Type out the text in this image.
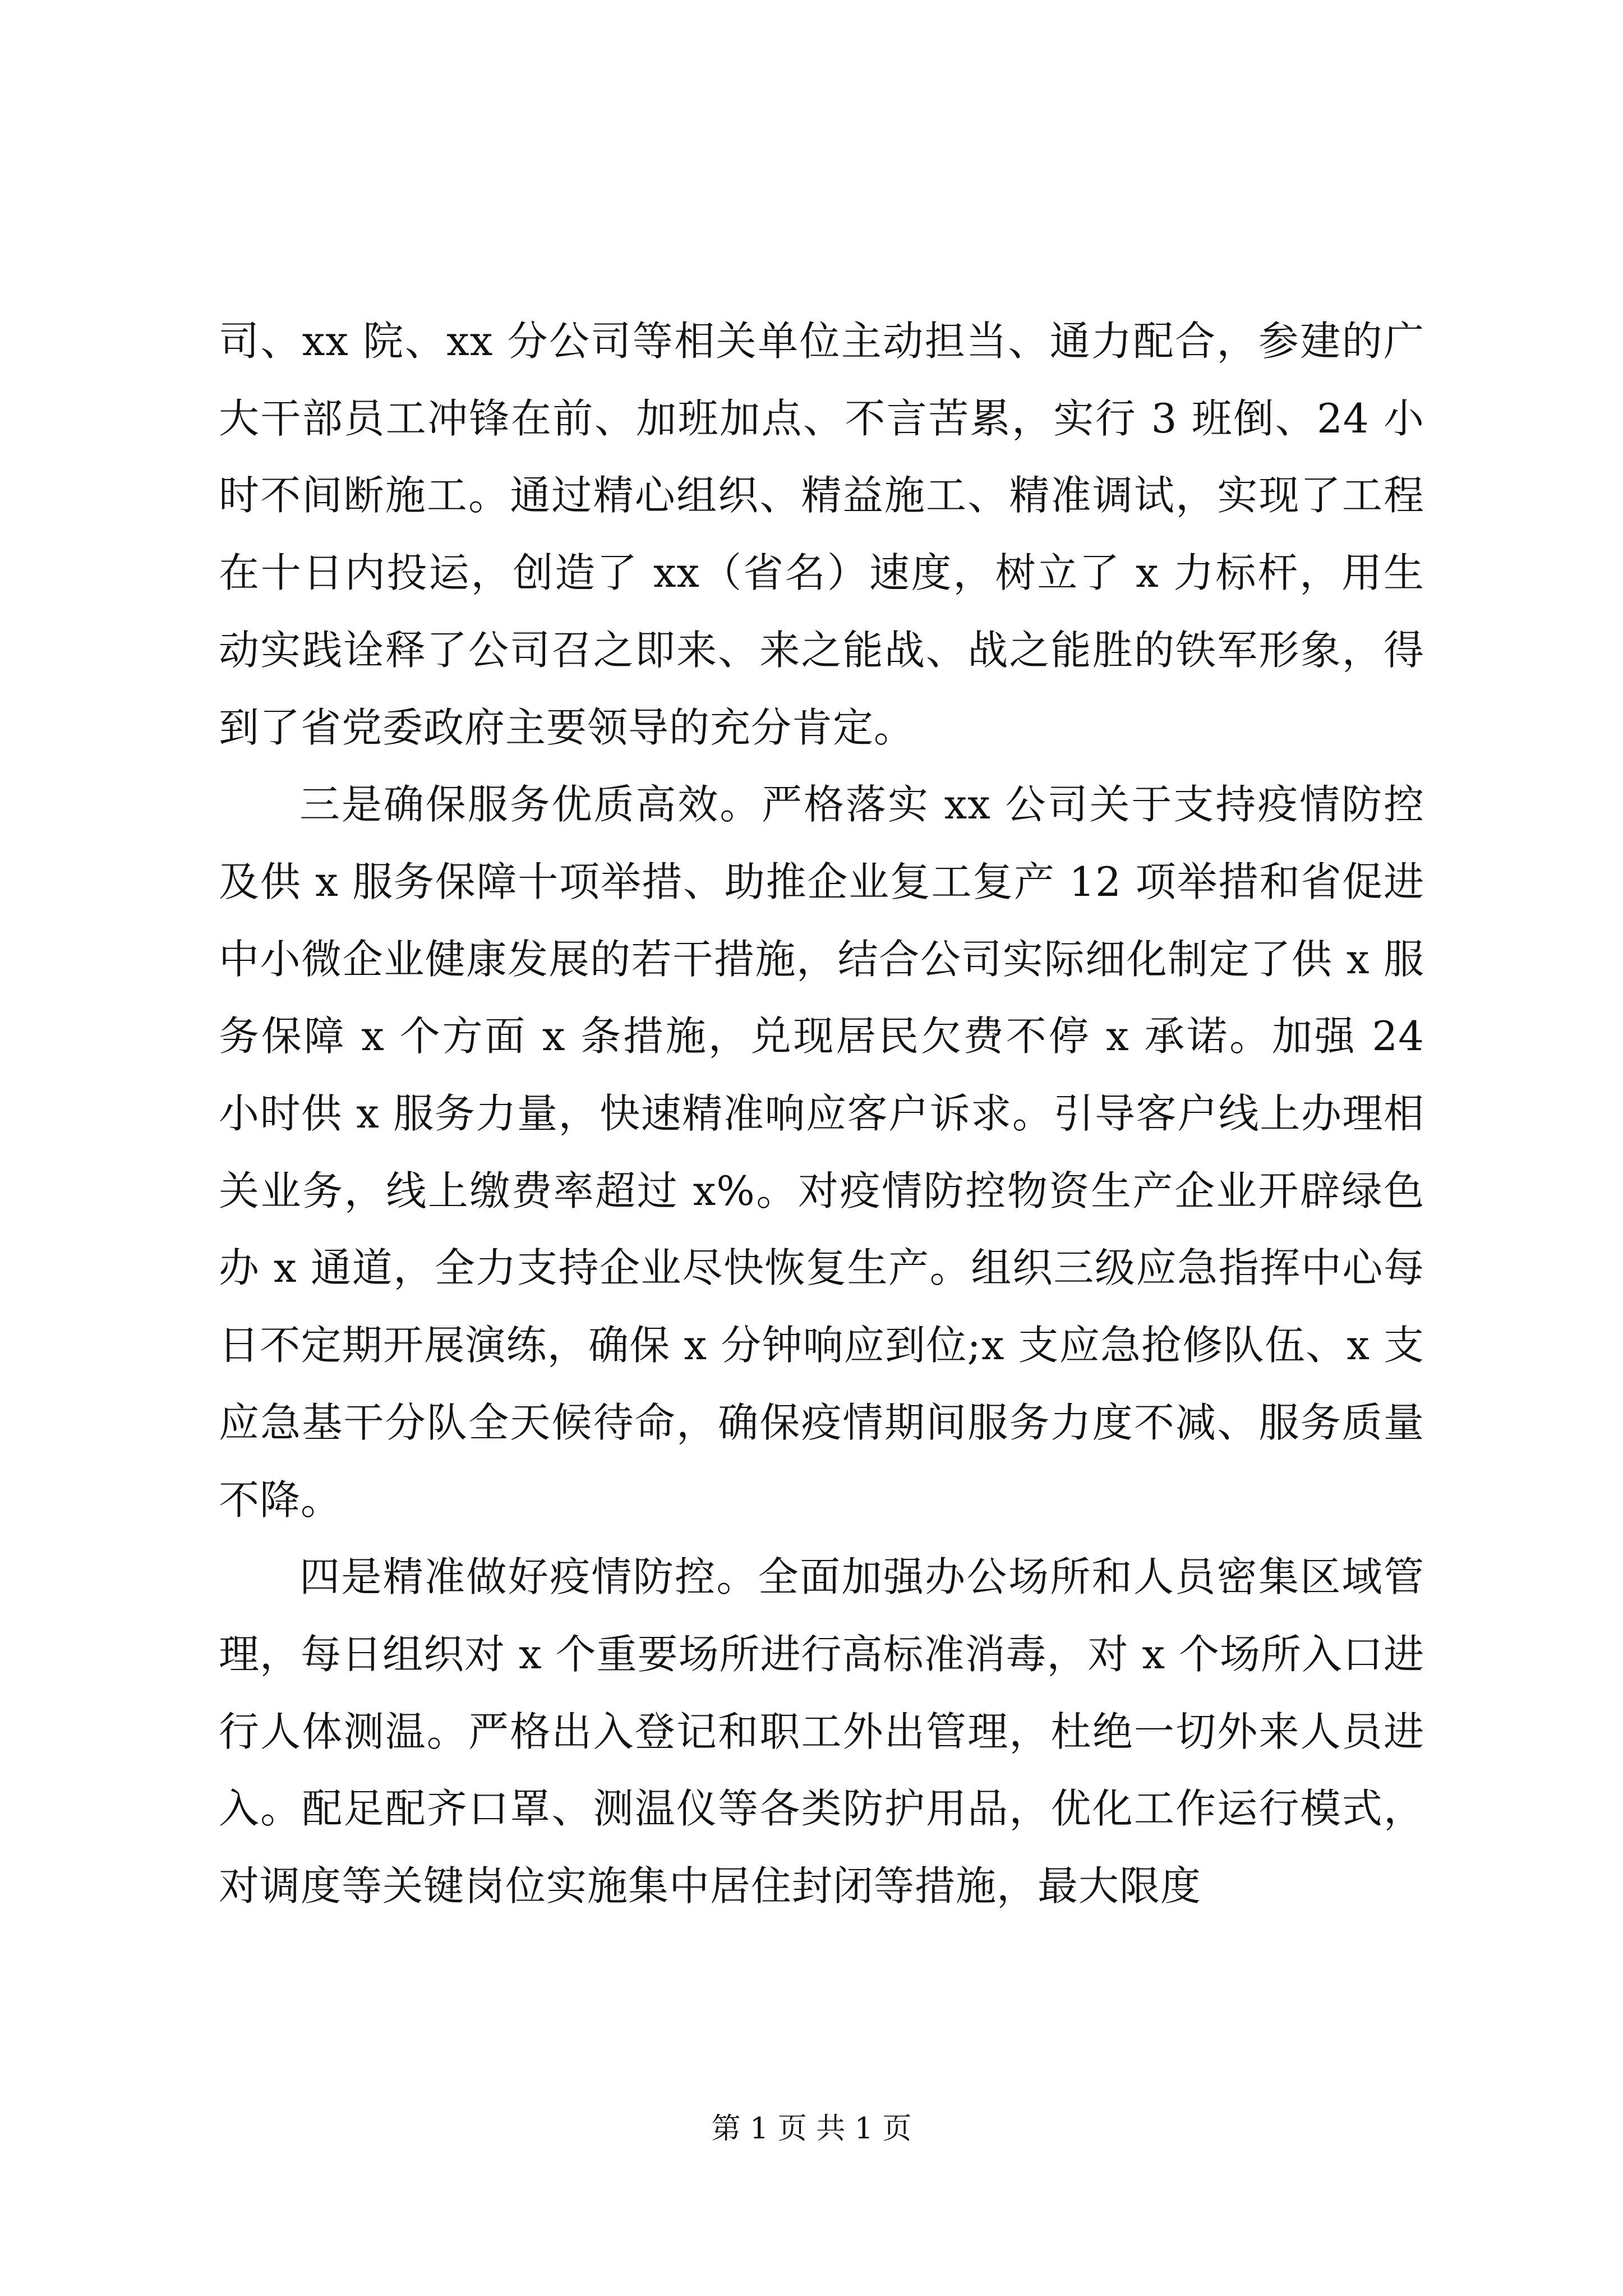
司、xx 院、xx 分公司等相关单位主动担当、通力配合，参建的广大干部员工冲锋在前、加班加点、不言苦累，实行 3 班倒、24 小时不间断施工。通过精心组织、精益施工、精准调试，实现了工程在十日内投运，创造了 xx（省名）速度，树立了 x 力标杆，用生动实践诠释了公司召之即来、来之能战、战之能胜的铁军形象，得到了省党委政府主要领导的充分肯定。

三是确保服务优质高效。严格落实 xx 公司关于支持疫情防控及供 x 服务保障十项举措、助推企业复工复产 12 项举措和省促进中小微企业健康发展的若干措施，结合公司实际细化制定了供 x 服务保障 x 个方面 x 条措施，兑现居民欠费不停 x 承诺。加强 24 小时供 x 服务力量，快速精准响应客户诉求。引导客户线上办理相关业务，线上缴费率超过 x%。对疫情防控物资生产企业开辟绿色办 x 通道，全力支持企业尽快恢复生产。组织三级应急指挥中心每日不定期开展演练，确保 x 分钟响应到位;x 支应急抢修队伍、x 支应急基干分队全天候待命，确保疫情期间服务力度不减、服务质量不降。

四是精准做好疫情防控。全面加强办公场所和人员密集区域管理，每日组织对 x 个重要场所进行高标准消毒，对 x 个场所入口进行人体测温。严格出入登记和职工外出管理，杜绝一切外来人员进入。配足配齐口罩、测温仪等各类防护用品，优化工作运行模式，对调度等关键岗位实施集中居住封闭等措施，最大限度

第 1 页 共 1 页
